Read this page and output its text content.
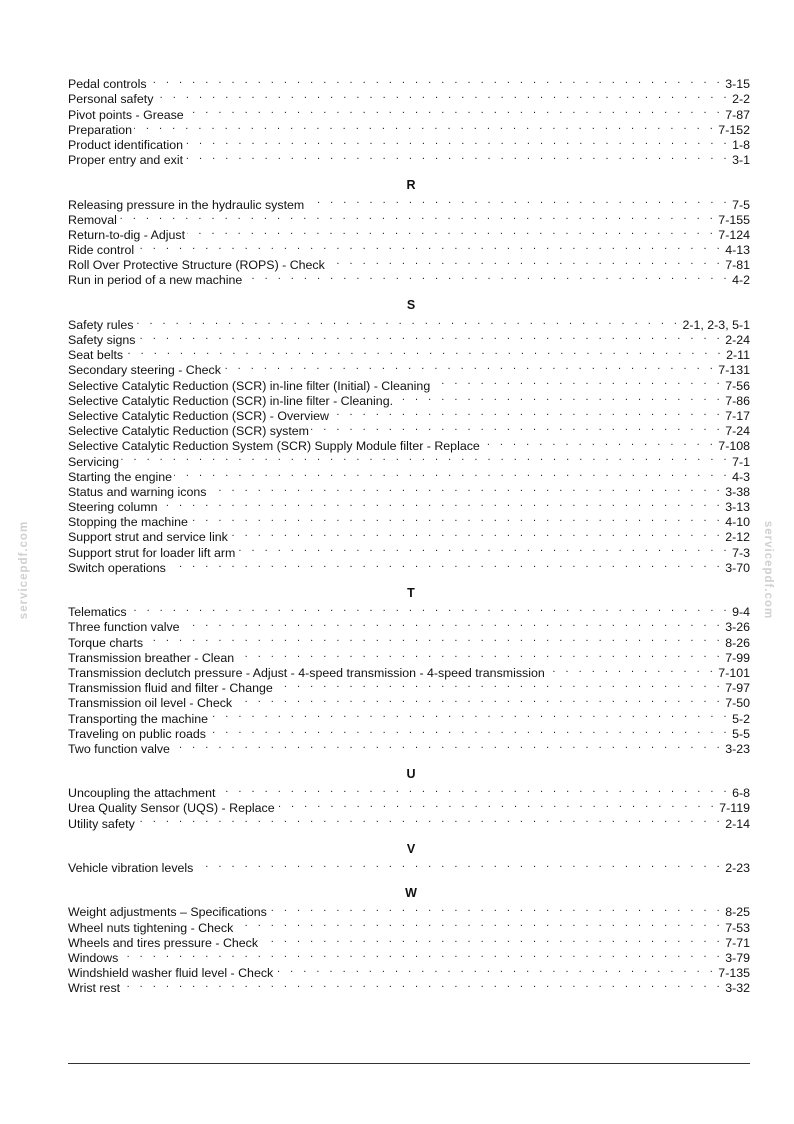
Pedal controls . . .	3-15
Personal safety . . .	2-2
Pivot points - Grease . . .	7-87
Preparation . . .	7-152
Product identification . . .	1-8
Proper entry and exit . . .	3-1
R
Releasing pressure in the hydraulic system . . .	7-5
Removal . . .	7-155
Return-to-dig - Adjust . . .	7-124
Ride control . . .	4-13
Roll Over Protective Structure (ROPS) - Check . . .	7-81
Run in period of a new machine . . .	4-2
S
Safety rules . . .	2-1, 2-3, 5-1
Safety signs . . .	2-24
Seat belts . . .	2-11
Secondary steering - Check . . .	7-131
Selective Catalytic Reduction (SCR) in-line filter (Initial) - Cleaning . . .	7-56
Selective Catalytic Reduction (SCR) in-line filter - Cleaning. . . .	7-86
Selective Catalytic Reduction (SCR) - Overview . . .	7-17
Selective Catalytic Reduction (SCR) system . . .	7-24
Selective Catalytic Reduction System (SCR) Supply Module filter - Replace . . .	7-108
Servicing . . .	7-1
Starting the engine . . .	4-3
Status and warning icons . . .	3-38
Steering column . . .	3-13
Stopping the machine . . .	4-10
Support strut and service link . . .	2-12
Support strut for loader lift arm . . .	7-3
Switch operations . . .	3-70
T
Telematics . . .	9-4
Three function valve . . .	3-26
Torque charts . . .	8-26
Transmission breather - Clean . . .	7-99
Transmission declutch pressure - Adjust - 4-speed transmission - 4-speed transmission . . .	7-101
Transmission fluid and filter - Change . . .	7-97
Transmission oil level - Check . . .	7-50
Transporting the machine . . .	5-2
Traveling on public roads . . .	5-5
Two function valve . . .	3-23
U
Uncoupling the attachment . . .	6-8
Urea Quality Sensor (UQS) - Replace . . .	7-119
Utility safety . . .	2-14
V
Vehicle vibration levels . . .	2-23
W
Weight adjustments – Specifications . . .	8-25
Wheel nuts tightening - Check . . .	7-53
Wheels and tires pressure - Check . . .	7-71
Windows . . .	3-79
Windshield washer fluid level - Check . . .	7-135
Wrist rest . . .	3-32
servicepdf.com	servicepdf.com
